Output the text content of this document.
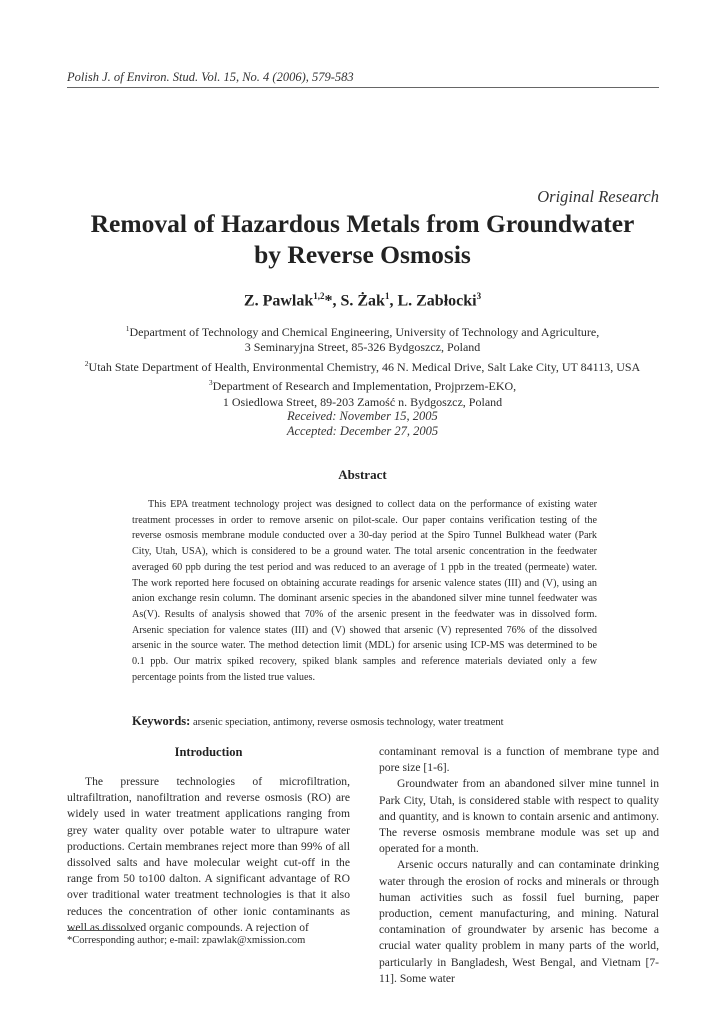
Polish J. of Environ. Stud. Vol. 15, No. 4 (2006), 579-583
Original Research
Removal of Hazardous Metals from Groundwater
by Reverse Osmosis
Z. Pawlak$^{1,2}$*, S. Żak$^1$, L. Zabłocki$^3$
$^1$Department of Technology and Chemical Engineering, University of Technology and Agriculture,
3 Seminaryjna Street, 85-326 Bydgoszcz, Poland
$^2$Utah State Department of Health, Environmental Chemistry, 46 N. Medical Drive, Salt Lake City, UT 84113, USA
$^3$Department of Research and Implementation, Projprzem-EKO,
1 Osiedlowa Street, 89-203 Zamość n. Bydgoszcz, Poland
Received: November 15, 2005
Accepted: December 27, 2005
Abstract

This EPA treatment technology project was designed to collect data on the performance of existing water treatment processes in order to remove arsenic on pilot-scale. Our paper contains verification testing of the reverse osmosis membrane module conducted over a 30-day period at the Spiro Tunnel Bulkhead water (Park City, Utah, USA), which is considered to be a ground water. The total arsenic concentration in the feedwater averaged 60 ppb during the test period and was reduced to an average of 1 ppb in the treated (permeate) water. The work reported here focused on obtaining accurate readings for arsenic valence states (III) and (V), using an anion exchange resin column. The dominant arsenic species in the abandoned silver mine tunnel feedwater was As(V). Results of analysis showed that 70% of the arsenic present in the feedwater was in dissolved form. Arsenic speciation for valence states (III) and (V) showed that arsenic (V) represented 76% of the dissolved arsenic in the source water. The method detection limit (MDL) for arsenic using ICP-MS was determined to be 0.1 ppb. Our matrix spiked recovery, spiked blank samples and reference materials deviated only a few percentage points from the listed true values.

Keywords: arsenic speciation, antimony, reverse osmosis technology, water treatment
Introduction

The pressure technologies of microfiltration, ultrafiltration, nanofiltration and reverse osmosis (RO) are widely used in water treatment applications ranging from grey water quality over potable water to ultrapure water productions. Certain membranes reject more than 99% of all dissolved salts and have molecular weight cut-off in the range from 50 to100 dalton. A significant advantage of RO over traditional water treatment technologies is that it also reduces the concentration of other ionic contaminants as well as dissolved organic compounds. A rejection of

contaminant removal is a function of membrane type and pore size [1-6].

Groundwater from an abandoned silver mine tunnel in Park City, Utah, is considered stable with respect to quality and quantity, and is known to contain arsenic and antimony. The reverse osmosis membrane module was set up and operated for a month.

Arsenic occurs naturally and can contaminate drinking water through the erosion of rocks and minerals or through human activities such as fossil fuel burning, paper production, cement manufacturing, and mining. Natural contamination of groundwater by arsenic has become a crucial water quality problem in many parts of the world, particularly in Bangladesh, West Bengal, and Vietnam [7-11]. Some water

*Corresponding author; e-mail: zpawlak@xmission.com
